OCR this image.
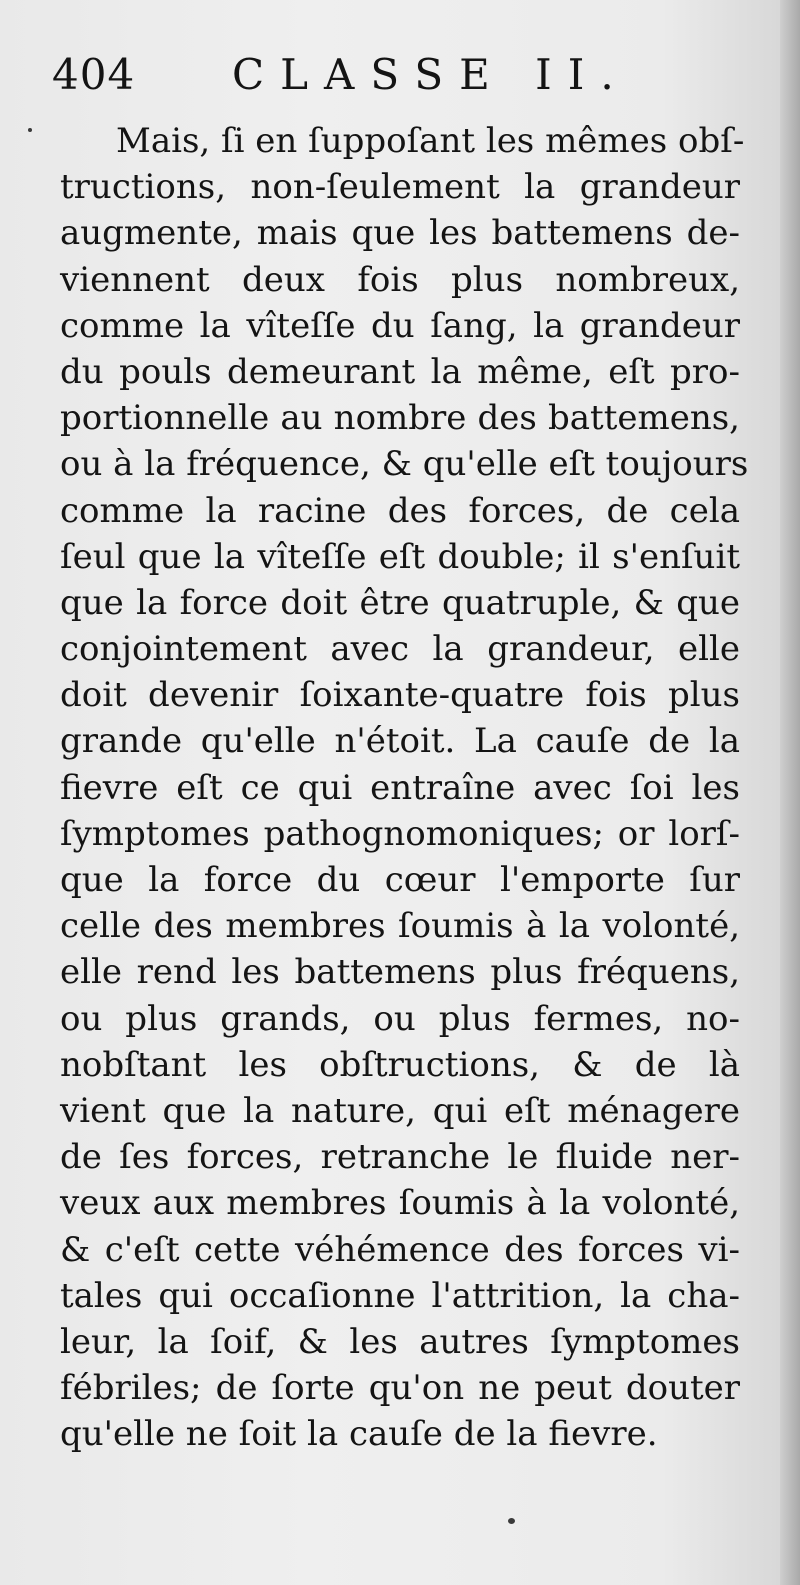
404 CLASSE II.
Mais, ſi en ſuppoſant les mêmes obſ-
tructions, non-ſeulement la grandeur
augmente, mais que les battemens de-
viennent deux fois plus nombreux,
comme la vîteſſe du ſang, la grandeur
du pouls demeurant la même, eſt pro-
portionnelle au nombre des battemens,
ou à la fréquence, & qu'elle eſt toujours
comme la racine des forces, de cela
ſeul que la vîteſſe eſt double; il s'enſuit
que la force doit être quatruple, & que
conjointement avec la grandeur, elle
doit devenir ſoixante-quatre fois plus
grande qu'elle n'étoit. La cauſe de la
fievre eſt ce qui entraîne avec ſoi les
ſymptomes pathognomoniques; or lorſ-
que la force du cœur l'emporte ſur
celle des membres ſoumis à la volonté,
elle rend les battemens plus fréquens,
ou plus grands, ou plus fermes, no-
nobſtant les obſtructions, & de là
vient que la nature, qui eſt ménagere
de ſes forces, retranche le fluide ner-
veux aux membres ſoumis à la volonté,
& c'eſt cette véhémence des forces vi-
tales qui occaſionne l'attrition, la cha-
leur, la ſoif, & les autres ſymptomes
fébriles; de ſorte qu'on ne peut douter
qu'elle ne ſoit la cauſe de la fievre.
